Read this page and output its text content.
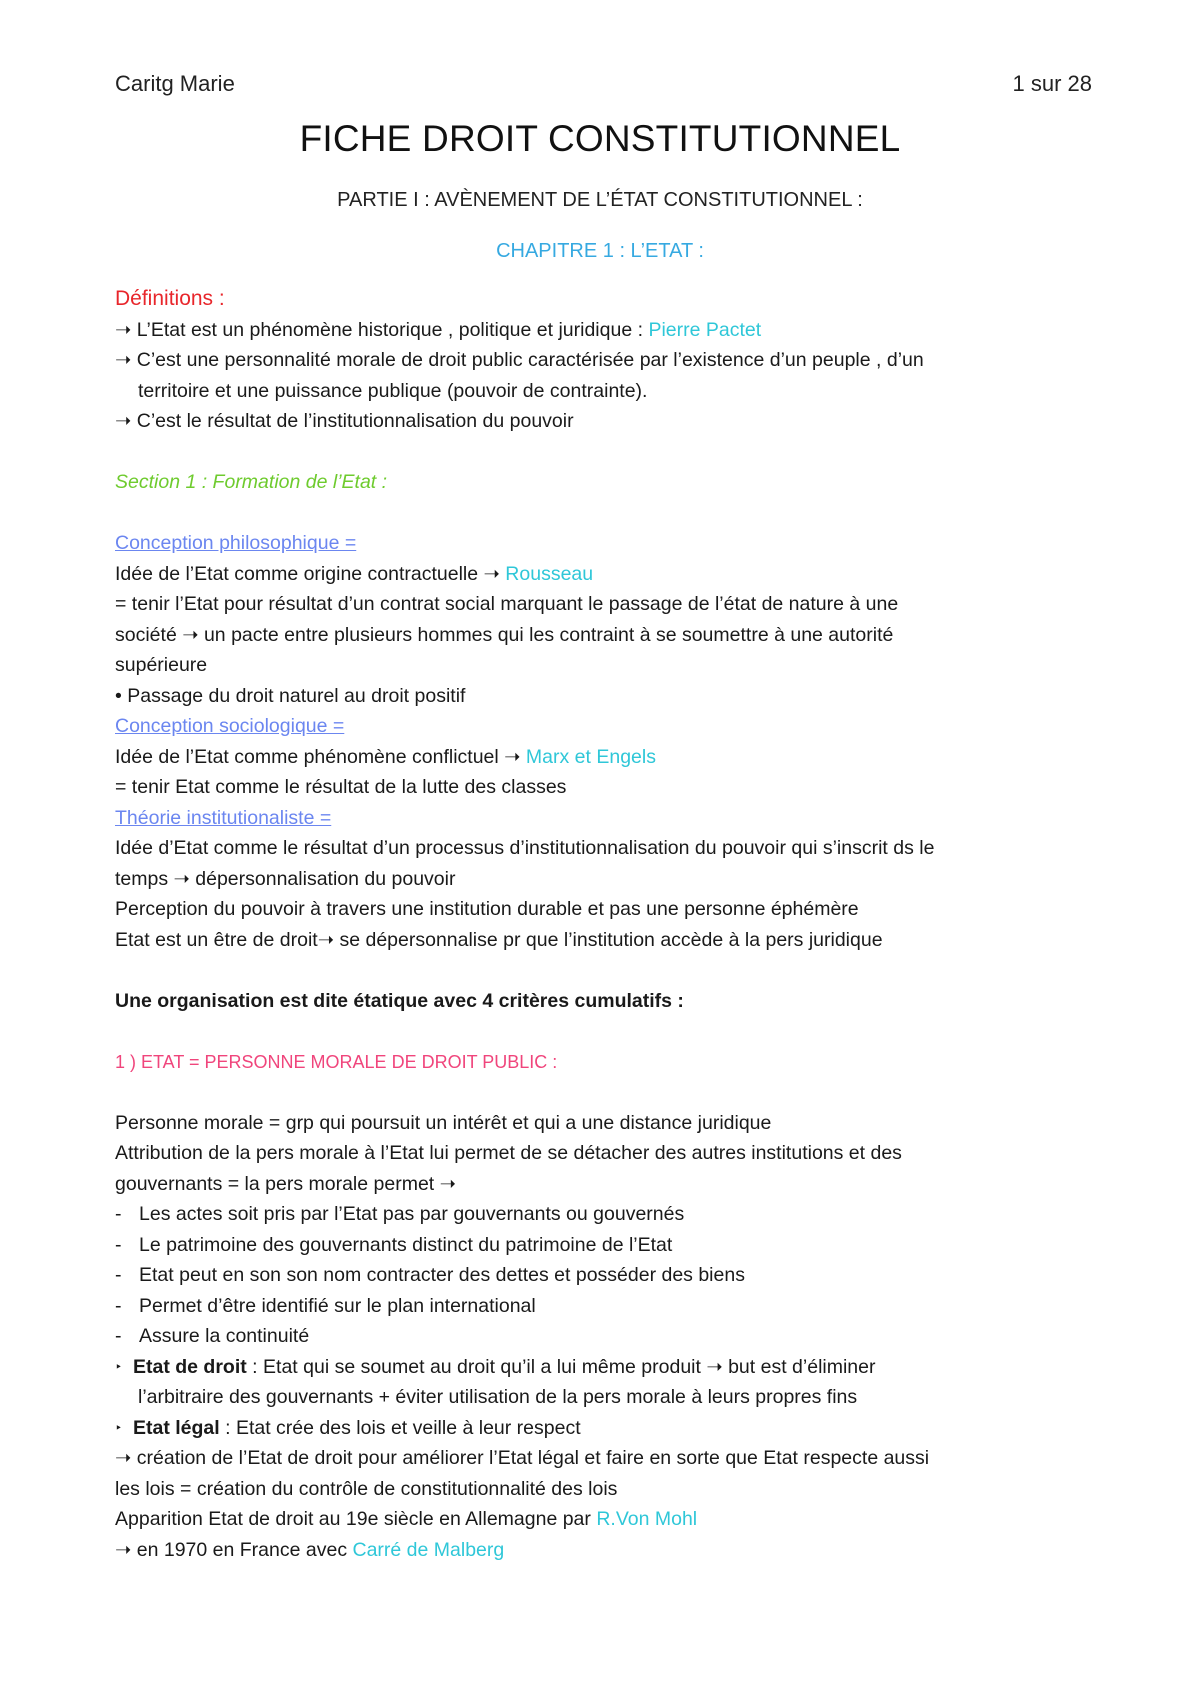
Caritg Marie	1 sur 28
FICHE DROIT CONSTITUTIONNEL
PARTIE I : AVÈNEMENT DE L’ÉTAT CONSTITUTIONNEL :
CHAPITRE 1 : L’ETAT :

Définitions :

➝ L’Etat est un phénomène historique , politique et juridique : Pierre Pactet

➝ C’est une personnalité morale de droit public caractérisée par l’existence d’un peuple , d’un

territoire et une puissance publique (pouvoir de contrainte).

➝ C’est le résultat de l’institutionnalisation du pouvoir

Section 1 : Formation de l’Etat :

Conception philosophique =

Idée de l’Etat comme origine contractuelle ➝ Rousseau

= tenir l’Etat pour résultat d’un contrat social marquant le passage de l’état de nature à une

société ➝ un pacte entre plusieurs hommes qui les contraint à se soumettre à une autorité

supérieure

• Passage du droit naturel au droit positif

Conception sociologique =

Idée de l’Etat comme phénomène conflictuel ➝ Marx et Engels

= tenir Etat comme le résultat de la lutte des classes

Théorie institutionaliste =

Idée d’Etat comme le résultat d’un processus d’institutionnalisation du pouvoir qui s’inscrit ds le

temps ➝ dépersonnalisation du pouvoir

Perception du pouvoir à travers une institution durable et pas une personne éphémère

Etat est un être de droit➝ se dépersonnalise pr que l’institution accède à la pers juridique

Une organisation est dite étatique avec 4 critères cumulatifs :

1 ) ETAT = PERSONNE MORALE DE DROIT PUBLIC :

Personne morale = grp qui poursuit un intérêt et qui a une distance juridique

Attribution de la pers morale à l’Etat lui permet de se détacher des autres institutions et des

gouvernants = la pers morale permet ➝

- Les actes soit pris par l’Etat pas par gouvernants ou gouvernés
- Le patrimoine des gouvernants distinct du patrimoine de l’Etat
- Etat peut en son son nom contracter des dettes et posséder des biens
- Permet d’être identifié sur le plan international
- Assure la continuité
‣ Etat de droit : Etat qui se soumet au droit qu’il a lui même produit ➝ but est d’éliminer

l’arbitraire des gouvernants + éviter utilisation de la pers morale à leurs propres fins

‣ Etat légal : Etat crée des lois et veille à leur respect

➝ création de l’Etat de droit pour améliorer l’Etat légal et faire en sorte que Etat respecte aussi

les lois = création du contrôle de constitutionnalité des lois

Apparition Etat de droit au 19e siècle en Allemagne par R.Von Mohl

➝ en 1970 en France avec Carré de Malberg
